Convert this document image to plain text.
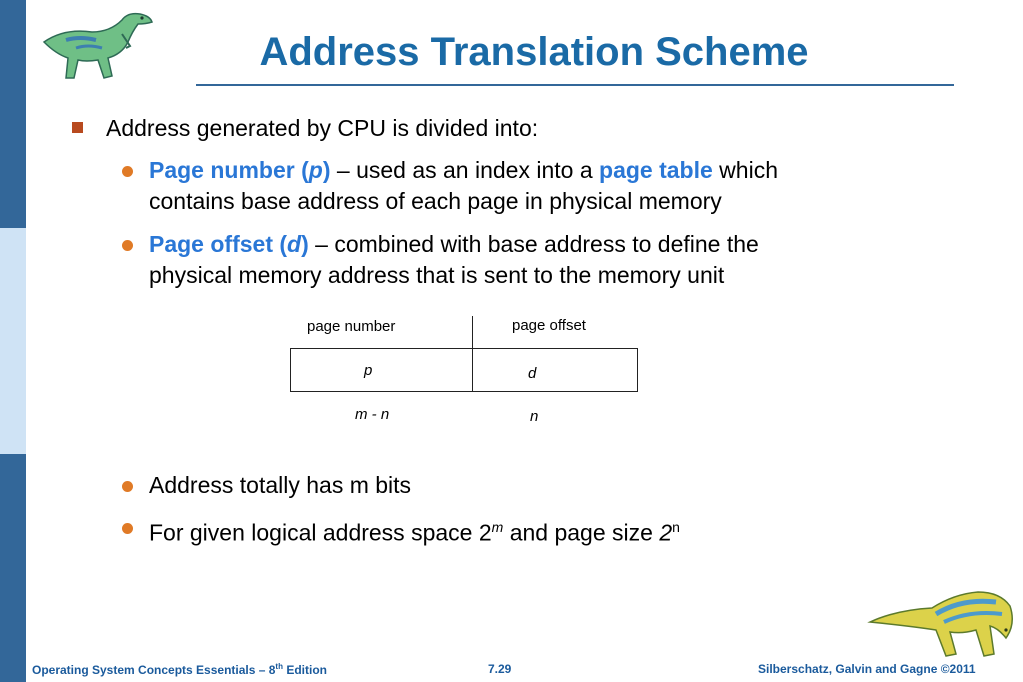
Address Translation Scheme
Address generated by CPU is divided into:
Page number (p) – used as an index into a page table which
contains base address of each page in physical memory
Page offset (d) – combined with base address to define the
physical memory address that is sent to the memory unit
page number	page offset
p	d
m - n	n
Address totally has m bits
For given logical address space 2$^m$ and page size 2$^n$
Operating System Concepts Essentials – 8th Edition	7.29	Silberschatz, Galvin and Gagne ©2011
